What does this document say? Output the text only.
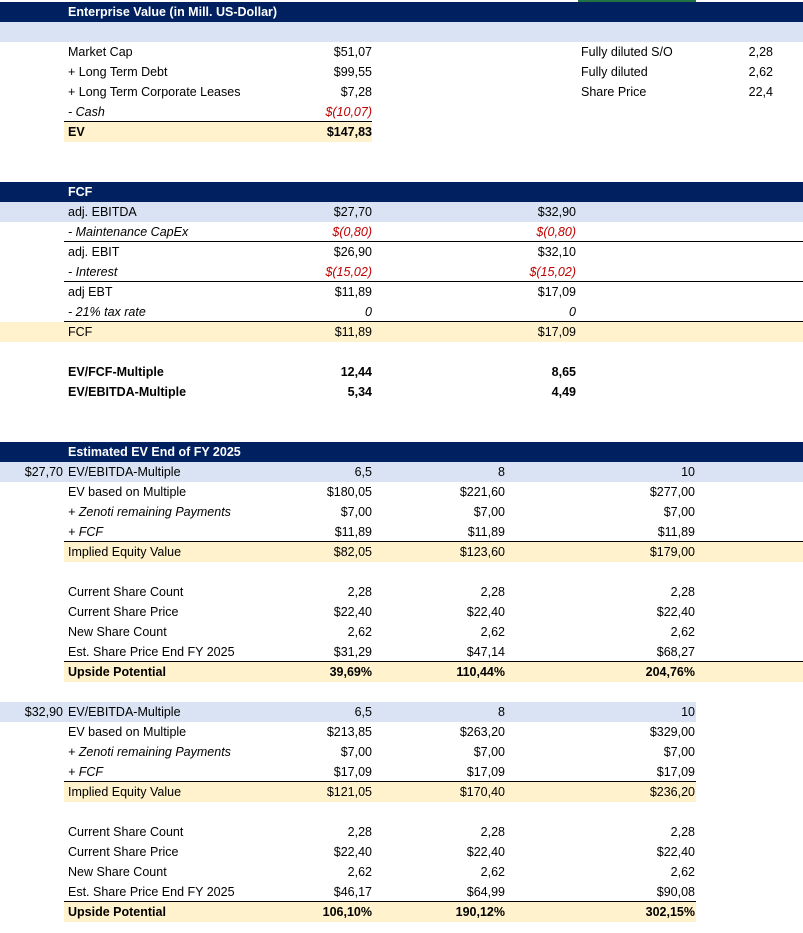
Enterprise Value (in Mill. US-Dollar)
Market Cap	$51,07	Fully diluted S/O	2,28
+ Long Term Debt	$99,55	Fully diluted	2,62
+ Long Term Corporate Leases	$7,28	Share Price	22,4
- Cash	$(10,07)
EV	$147,83
FCF
adj. EBITDA	$27,70	$32,90
- Maintenance CapEx	$(0,80)	$(0,80)
adj. EBIT	$26,90	$32,10
- Interest	$(15,02)	$(15,02)
adj EBT	$11,89	$17,09
- 21% tax rate	0	0
FCF	$11,89	$17,09
EV/FCF-Multiple	12,44	8,65
EV/EBITDA-Multiple	5,34	4,49
Estimated EV End of FY 2025
$27,70 EV/EBITDA-Multiple	6,5	8	10
EV based on Multiple	$180,05	$221,60	$277,00
+ Zenoti remaining Payments	$7,00	$7,00	$7,00
+ FCF	$11,89	$11,89	$11,89
Implied Equity Value	$82,05	$123,60	$179,00
Current Share Count	2,28	2,28	2,28
Current Share Price	$22,40	$22,40	$22,40
New Share Count	2,62	2,62	2,62
Est. Share Price End FY 2025	$31,29	$47,14	$68,27
Upside Potential	39,69%	110,44%	204,76%
$32,90 EV/EBITDA-Multiple	6,5	8	10
EV based on Multiple	$213,85	$263,20	$329,00
+ Zenoti remaining Payments	$7,00	$7,00	$7,00
+ FCF	$17,09	$17,09	$17,09
Implied Equity Value	$121,05	$170,40	$236,20
Current Share Count	2,28	2,28	2,28
Current Share Price	$22,40	$22,40	$22,40
New Share Count	2,62	2,62	2,62
Est. Share Price End FY 2025	$46,17	$64,99	$90,08
Upside Potential	106,10%	190,12%	302,15%
